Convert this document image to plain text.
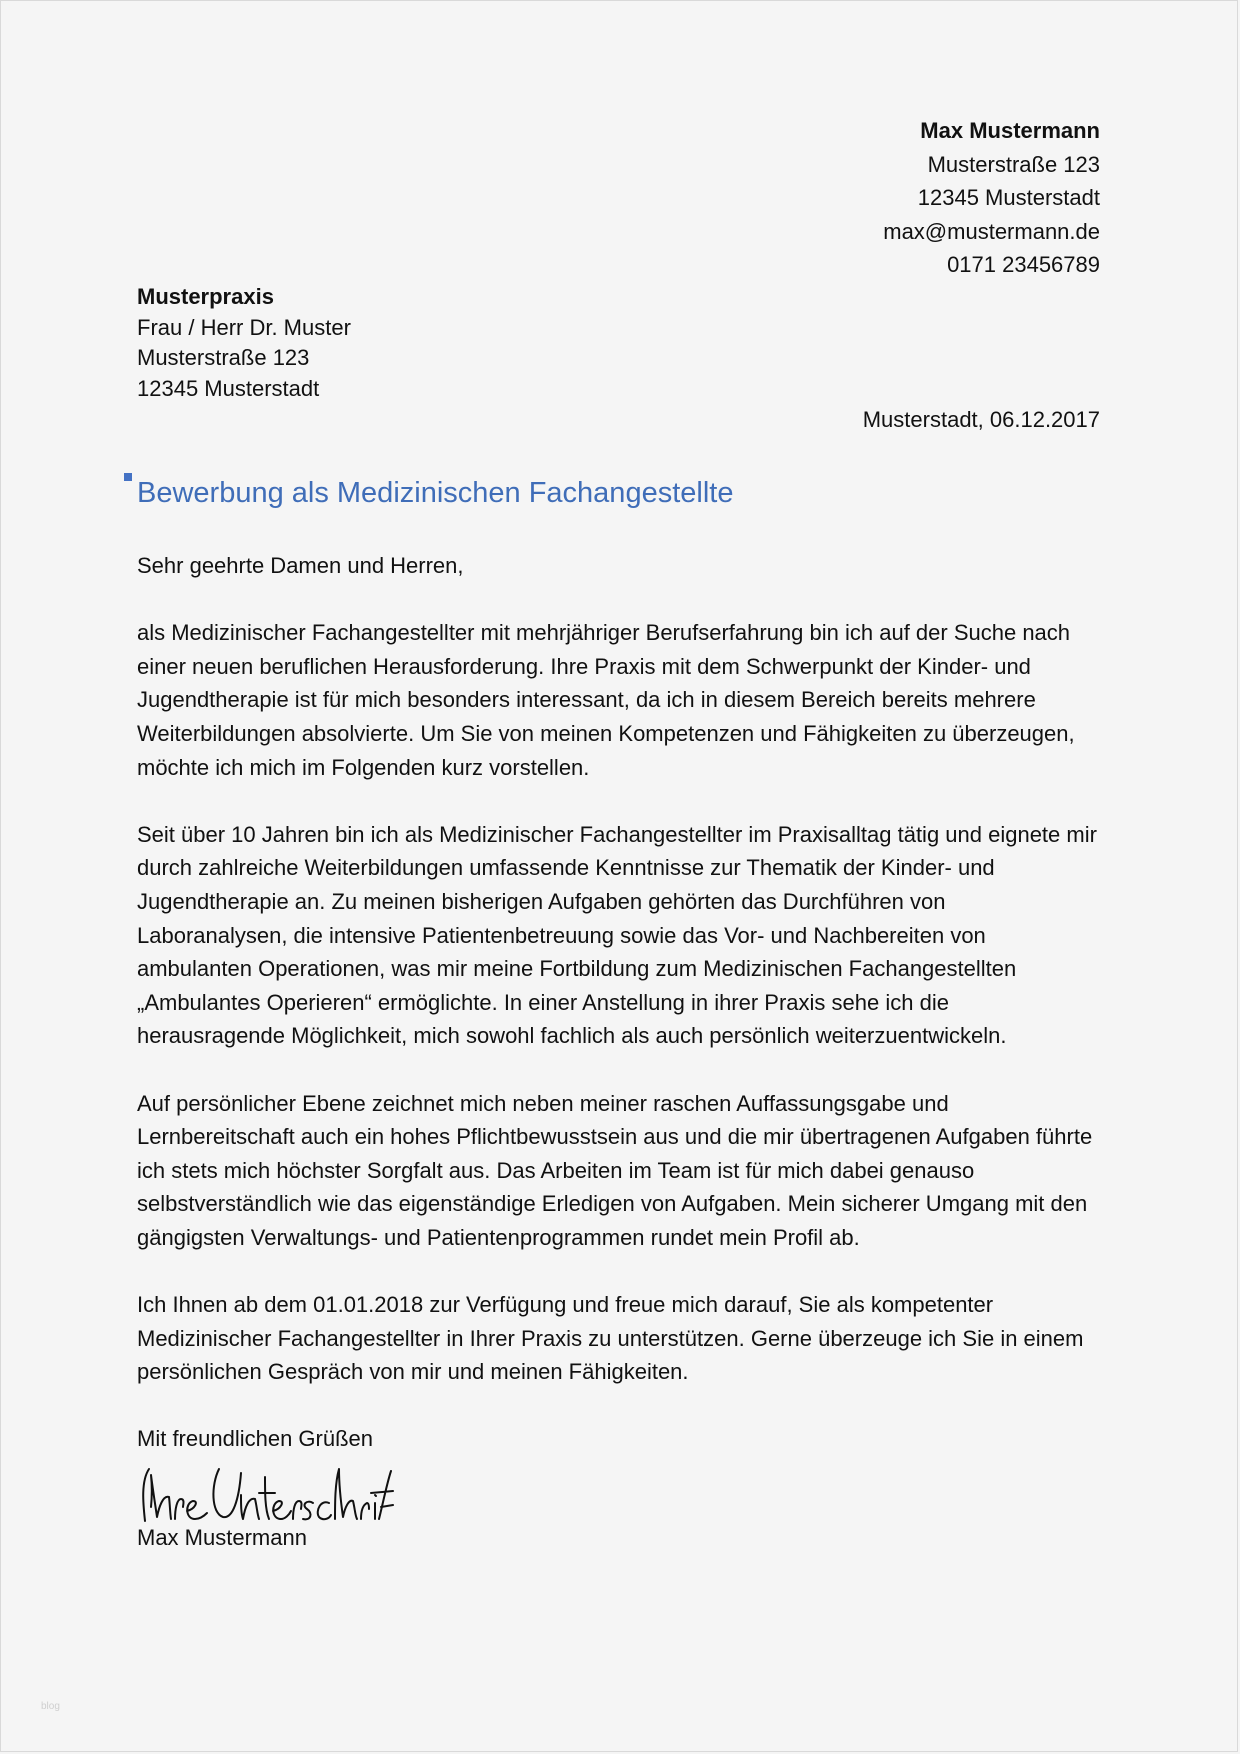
Max Mustermann
Musterstraße 123
12345 Musterstadt
max@mustermann.de
0171 23456789
Musterpraxis
Frau / Herr Dr. Muster
Musterstraße 123
12345 Musterstadt
Musterstadt, 06.12.2017
Bewerbung als Medizinischen Fachangestellte

Sehr geehrte Damen und Herren,

als Medizinischer Fachangestellter mit mehrjähriger Berufserfahrung bin ich auf der Suche nach einer neuen beruflichen Herausforderung. Ihre Praxis mit dem Schwerpunkt der Kinder- und Jugendtherapie ist für mich besonders interessant, da ich in diesem Bereich bereits mehrere Weiterbildungen absolvierte. Um Sie von meinen Kompetenzen und Fähigkeiten zu überzeugen, möchte ich mich im Folgenden kurz vorstellen.

Seit über 10 Jahren bin ich als Medizinischer Fachangestellter im Praxisalltag tätig und eignete mir durch zahlreiche Weiterbildungen umfassende Kenntnisse zur Thematik der Kinder- und Jugendtherapie an. Zu meinen bisherigen Aufgaben gehörten das Durchführen von Laboranalysen, die intensive Patientenbetreuung sowie das Vor- und Nachbereiten von ambulanten Operationen, was mir meine Fortbildung zum Medizinischen Fachangestellten „Ambulantes Operieren“ ermöglichte. In einer Anstellung in ihrer Praxis sehe ich die herausragende Möglichkeit, mich sowohl fachlich als auch persönlich weiterzuentwickeln.

Auf persönlicher Ebene zeichnet mich neben meiner raschen Auffassungsgabe und Lernbereitschaft auch ein hohes Pflichtbewusstsein aus und die mir übertragenen Aufgaben führte ich stets mich höchster Sorgfalt aus. Das Arbeiten im Team ist für mich dabei genauso selbstverständlich wie das eigenständige Erledigen von Aufgaben. Mein sicherer Umgang mit den gängigsten Verwaltungs- und Patientenprogrammen rundet mein Profil ab.

Ich Ihnen ab dem 01.01.2018 zur Verfügung und freue mich darauf, Sie als kompetenter Medizinischer Fachangestellter in Ihrer Praxis zu unterstützen. Gerne überzeuge ich Sie in einem persönlichen Gespräch von mir und meinen Fähigkeiten.

Mit freundlichen Grüßen

Max Mustermann
blog
